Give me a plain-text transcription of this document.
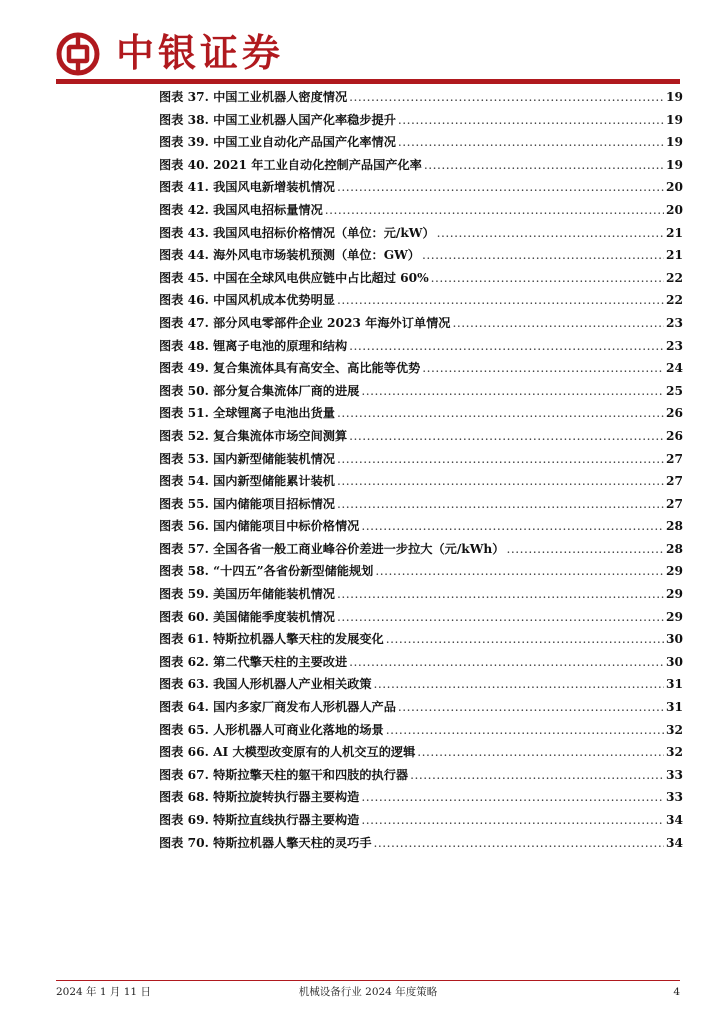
中银证券
图表 37. 中国工业机器人密度情况 .....	19
图表 38. 中国工业机器人国产化率稳步提升 .....	19
图表 39. 中国工业自动化产品国产化率情况 .....	19
图表 40. 2021 年工业自动化控制产品国产化率 .....	19
图表 41. 我国风电新增装机情况 .....	20
图表 42. 我国风电招标量情况 .....	20
图表 43. 我国风电招标价格情况（单位：元/kW） .....	21
图表 44. 海外风电市场装机预测（单位：GW） .....	21
图表 45. 中国在全球风电供应链中占比超过 60% .....	22
图表 46. 中国风机成本优势明显 .....	22
图表 47. 部分风电零部件企业 2023 年海外订单情况 .....	23
图表 48. 锂离子电池的原理和结构 .....	23
图表 49. 复合集流体具有高安全、高比能等优势 .....	24
图表 50. 部分复合集流体厂商的进展 .....	25
图表 51. 全球锂离子电池出货量 .....	26
图表 52. 复合集流体市场空间测算 .....	26
图表 53. 国内新型储能装机情况 .....	27
图表 54. 国内新型储能累计装机 .....	27
图表 55. 国内储能项目招标情况 .....	27
图表 56. 国内储能项目中标价格情况 .....	28
图表 57. 全国各省一般工商业峰谷价差进一步拉大（元/kWh） .....	28
图表 58. “十四五”各省份新型储能规划 .....	29
图表 59. 美国历年储能装机情况 .....	29
图表 60. 美国储能季度装机情况 .....	29
图表 61. 特斯拉机器人擎天柱的发展变化 .....	30
图表 62. 第二代擎天柱的主要改进 .....	30
图表 63. 我国人形机器人产业相关政策 .....	31
图表 64. 国内多家厂商发布人形机器人产品 .....	31
图表 65. 人形机器人可商业化落地的场景 .....	32
图表 66. AI 大模型改变原有的人机交互的逻辑 .....	32
图表 67. 特斯拉擎天柱的躯干和四肢的执行器 .....	33
图表 68. 特斯拉旋转执行器主要构造 .....	33
图表 69. 特斯拉直线执行器主要构造 .....	34
图表 70. 特斯拉机器人擎天柱的灵巧手 .....	34
2024 年 1 月 11 日	机械设备行业 2024 年度策略	4
